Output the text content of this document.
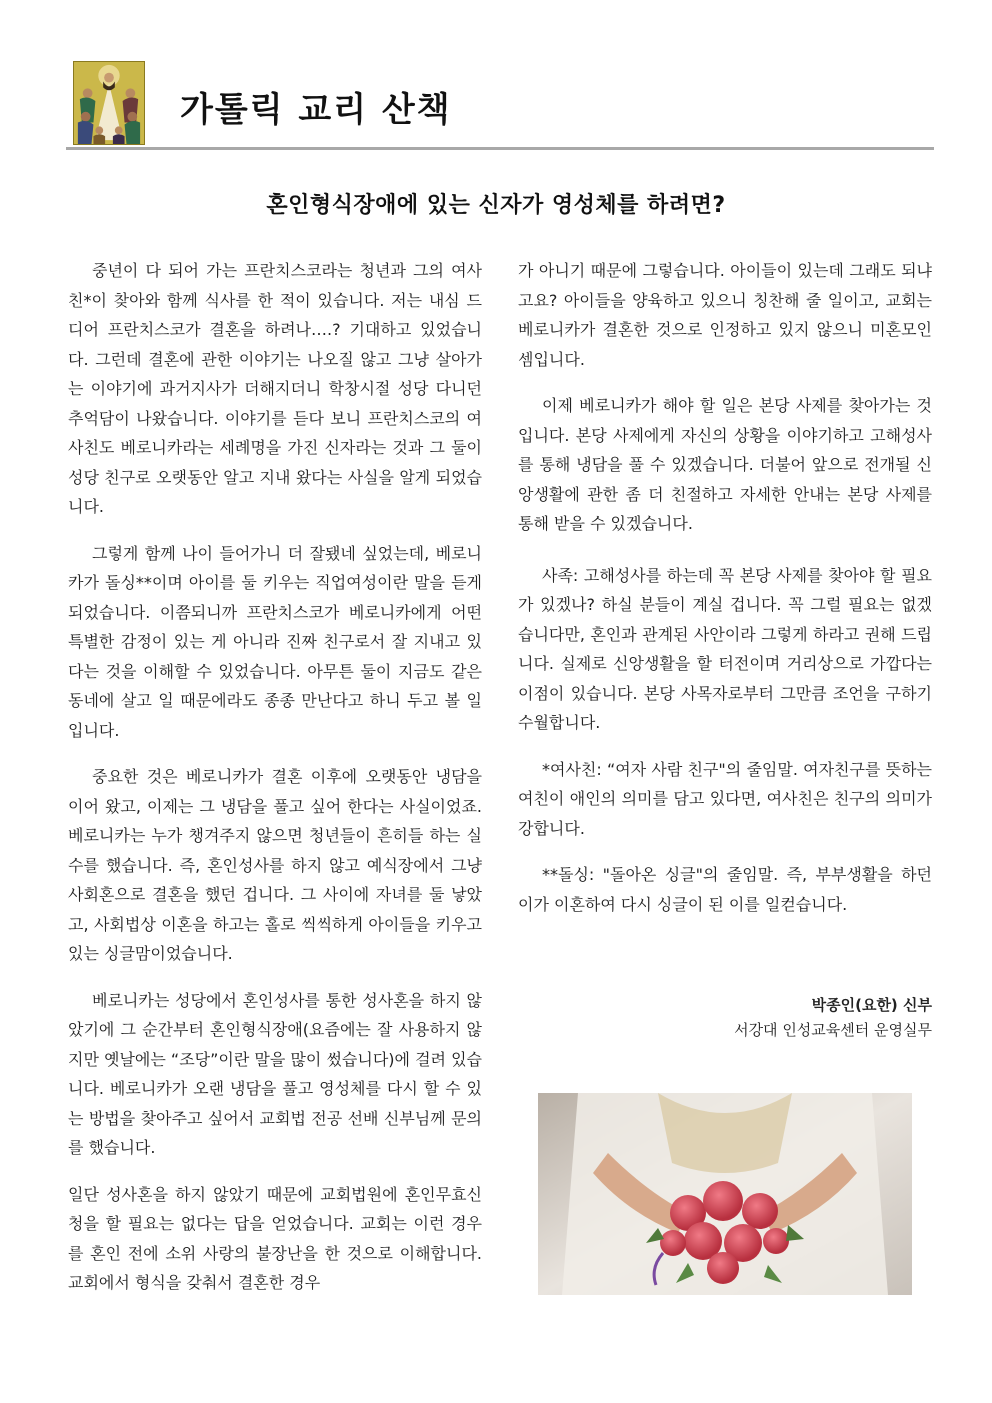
가톨릭 교리 산책
혼인형식장애에 있는 신자가 영성체를 하려면?

중년이 다 되어 가는 프란치스코라는 청년과 그의 여사친*이 찾아와 함께 식사를 한 적이 있습니다. 저는 내심 드디어 프란치스코가 결혼을 하려나….? 기대하고 있었습니다. 그런데 결혼에 관한 이야기는 나오질 않고 그냥 살아가는 이야기에 과거지사가 더해지더니 학창시절 성당 다니던 추억담이 나왔습니다. 이야기를 듣다 보니 프란치스코의 여사친도 베로니카라는 세례명을 가진 신자라는 것과 그 둘이 성당 친구로 오랫동안 알고 지내 왔다는 사실을 알게 되었습니다.

그렇게 함께 나이 들어가니 더 잘됐네 싶었는데, 베로니카가 돌싱**이며 아이를 둘 키우는 직업여성이란 말을 듣게 되었습니다. 이쯤되니까 프란치스코가 베로니카에게 어떤 특별한 감정이 있는 게 아니라 진짜 친구로서 잘 지내고 있다는 것을 이해할 수 있었습니다. 아무튼 둘이 지금도 같은 동네에 살고 일 때문에라도 종종 만난다고 하니 두고 볼 일입니다.

중요한 것은 베로니카가 결혼 이후에 오랫동안 냉담을 이어 왔고, 이제는 그 냉담을 풀고 싶어 한다는 사실이었죠. 베로니카는 누가 챙겨주지 않으면 청년들이 흔히들 하는 실수를 했습니다. 즉, 혼인성사를 하지 않고 예식장에서 그냥 사회혼으로 결혼을 했던 겁니다. 그 사이에 자녀를 둘 낳았고, 사회법상 이혼을 하고는 홀로 씩씩하게 아이들을 키우고 있는 싱글맘이었습니다.

베로니카는 성당에서 혼인성사를 통한 성사혼을 하지 않았기에 그 순간부터 혼인형식장애(요즘에는 잘 사용하지 않지만 옛날에는 “조당”이란 말을 많이 썼습니다)에 걸려 있습니다. 베로니카가 오랜 냉담을 풀고 영성체를 다시 할 수 있는 방법을 찾아주고 싶어서 교회법 전공 선배 신부님께 문의를 했습니다.

일단 성사혼을 하지 않았기 때문에 교회법원에 혼인무효신청을 할 필요는 없다는 답을 얻었습니다. 교회는 이런 경우를 혼인 전에 소위 사랑의 불장난을 한 것으로 이해합니다. 교회에서 형식을 갖춰서 결혼한 경우

가 아니기 때문에 그렇습니다. 아이들이 있는데 그래도 되냐고요? 아이들을 양육하고 있으니 칭찬해 줄 일이고, 교회는 베로니카가 결혼한 것으로 인정하고 있지 않으니 미혼모인 셈입니다.

이제 베로니카가 해야 할 일은 본당 사제를 찾아가는 것입니다. 본당 사제에게 자신의 상황을 이야기하고 고해성사를 통해 냉담을 풀 수 있겠습니다. 더불어 앞으로 전개될 신앙생활에 관한 좀 더 친절하고 자세한 안내는 본당 사제를 통해 받을 수 있겠습니다.

사족: 고해성사를 하는데 꼭 본당 사제를 찾아야 할 필요가 있겠나? 하실 분들이 계실 겁니다. 꼭 그럴 필요는 없겠습니다만, 혼인과 관계된 사안이라 그렇게 하라고 권해 드립니다. 실제로 신앙생활을 할 터전이며 거리상으로 가깝다는 이점이 있습니다. 본당 사목자로부터 그만큼 조언을 구하기 수월합니다.

*여사친: “여자 사람 친구"의 줄임말. 여자친구를 뜻하는 여친이 애인의 의미를 담고 있다면, 여사친은 친구의 의미가 강합니다.

**돌싱: "돌아온 싱글"의 줄임말. 즉, 부부생활을 하던 이가 이혼하여 다시 싱글이 된 이를 일컫습니다.

박종인(요한) 신부
서강대 인성교육센터 운영실무
